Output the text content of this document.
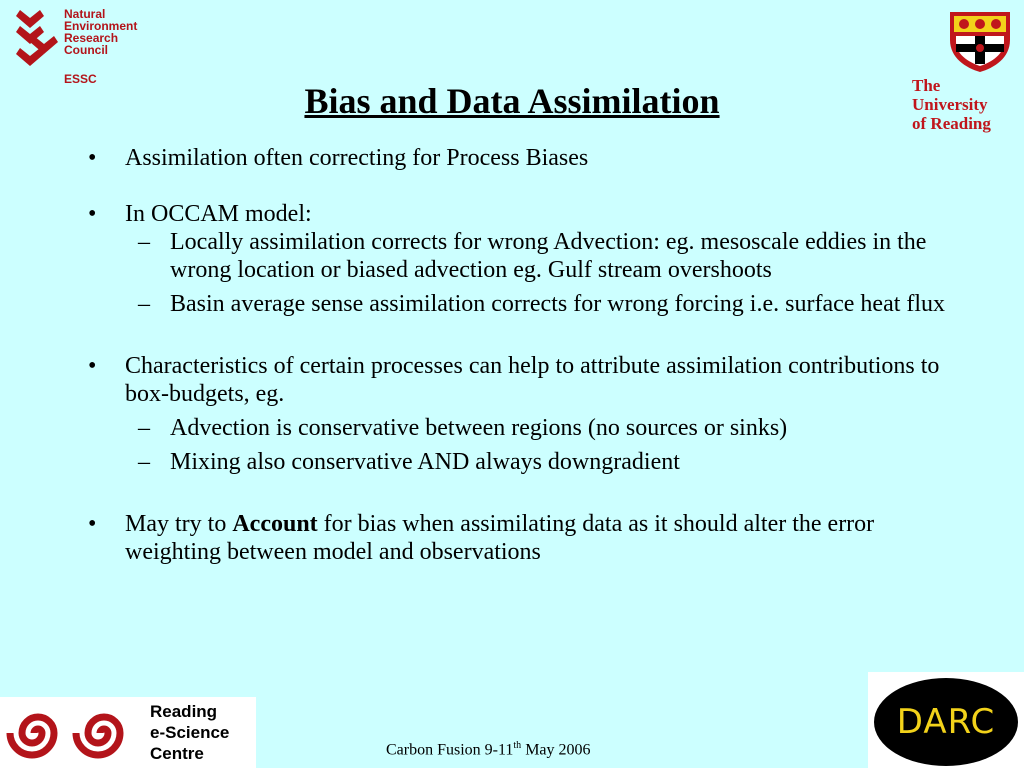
Natural
Environment
Research
Council
ESSC	The
University
of Reading
Bias and Data Assimilation
• Assimilation often correcting for Process Biases
• In OCCAM model:
– Locally assimilation corrects for wrong Advection: eg. mesoscale eddies in the wrong location or biased advection eg. Gulf stream overshoots
– Basin average sense assimilation corrects for wrong forcing i.e. surface heat flux
• Characteristics of certain processes can help to attribute assimilation contributions to box-budgets, eg.
– Advection is conservative between regions (no sources or sinks)
– Mixing also conservative AND always downgradient
• May try to Account for bias when assimilating data as it should alter the error weighting between model and observations
Reading
e-Science
Centre	Carbon Fusion 9-11th May 2006
DARC
